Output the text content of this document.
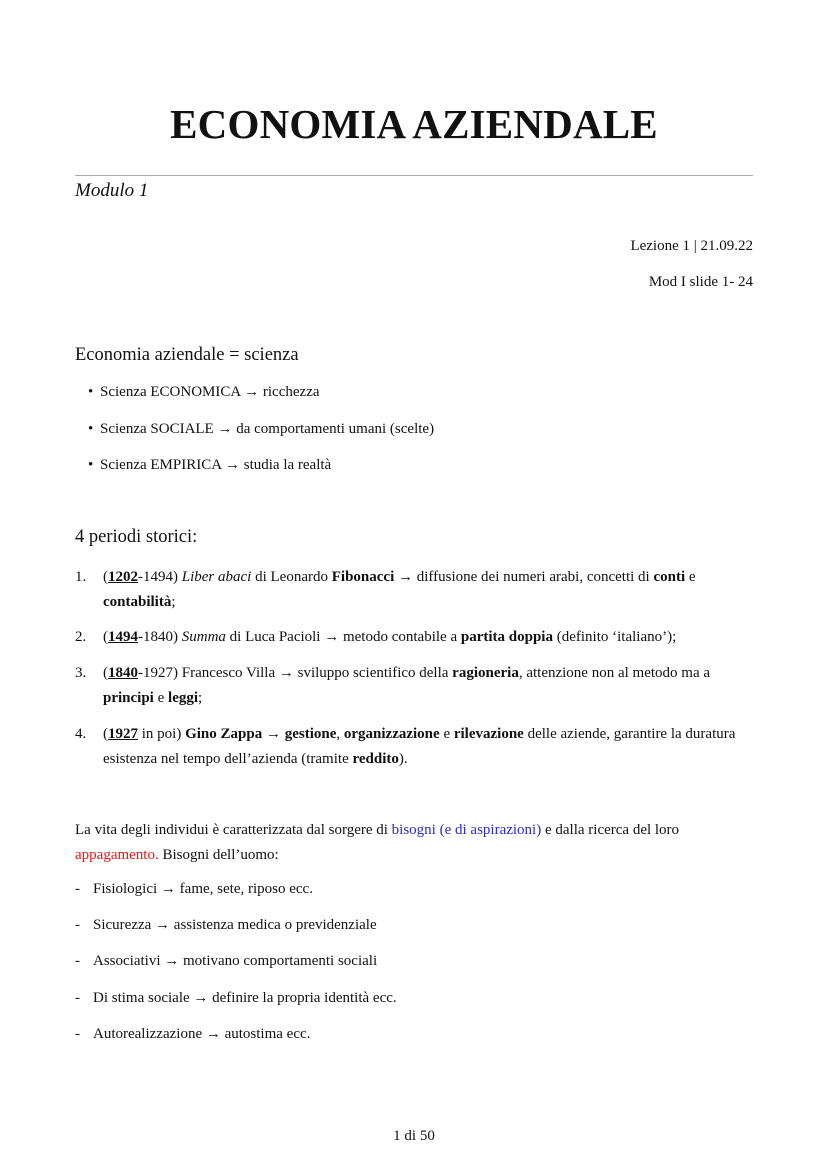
ECONOMIA AZIENDALE
Modulo 1
Lezione 1 | 21.09.22
Mod I slide 1- 24
Economia aziendale = scienza
• Scienza ECONOMICA → ricchezza
• Scienza SOCIALE → da comportamenti umani (scelte)
• Scienza EMPIRICA → studia la realtà
4 periodi storici:
1. (1202-1494) Liber abaci di Leonardo Fibonacci → diffusione dei numeri arabi, concetti di conti e contabilità;
2. (1494-1840) Summa di Luca Pacioli → metodo contabile a partita doppia (definito ‘italiano’);
3. (1840-1927) Francesco Villa → sviluppo scientifico della ragioneria, attenzione non al metodo ma a principi e leggi;
4. (1927 in poi) Gino Zappa → gestione, organizzazione e rilevazione delle aziende, garantire la duratura esistenza nel tempo dell’azienda (tramite reddito).
La vita degli individui è caratterizzata dal sorgere di bisogni (e di aspirazioni) e dalla ricerca del loro appagamento. Bisogni dell’uomo:
- Fisiologici → fame, sete, riposo ecc.
- Sicurezza → assistenza medica o previdenziale
- Associativi → motivano comportamenti sociali
- Di stima sociale → definire la propria identità ecc.
- Autorealizzazione → autostima ecc.
1 di 50
